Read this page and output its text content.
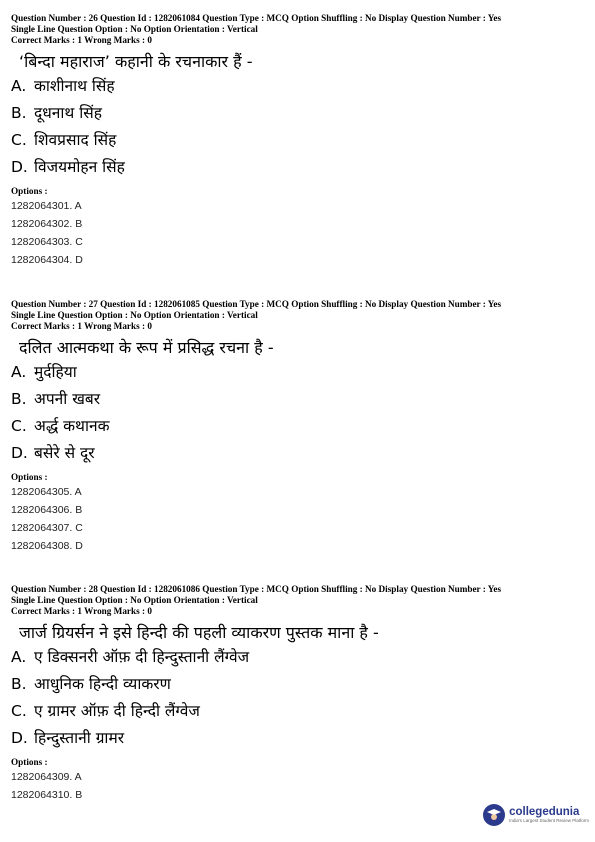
Question Number : 26 Question Id : 1282061084 Question Type : MCQ Option Shuffling : No Display Question Number : Yes
Single Line Question Option : No Option Orientation : Vertical
Correct Marks : 1 Wrong Marks : 0
‘बिन्दा महाराज’ कहानी के रचनाकार हैं -
A. काशीनाथ सिंह
B. दूधनाथ सिंह
C. शिवप्रसाद सिंह
D. विजयमोहन सिंह
Options :
1282064301. A
1282064302. B
1282064303. C
1282064304. D
Question Number : 27 Question Id : 1282061085 Question Type : MCQ Option Shuffling : No Display Question Number : Yes
Single Line Question Option : No Option Orientation : Vertical
Correct Marks : 1 Wrong Marks : 0
दलित आत्मकथा के रूप में प्रसिद्ध रचना है -
A. मुर्दहिया
B. अपनी खबर
C. अर्द्ध कथानक
D. बसेरे से दूर
Options :
1282064305. A
1282064306. B
1282064307. C
1282064308. D
Question Number : 28 Question Id : 1282061086 Question Type : MCQ Option Shuffling : No Display Question Number : Yes
Single Line Question Option : No Option Orientation : Vertical
Correct Marks : 1 Wrong Marks : 0
जार्ज ग्रियर्सन ने इसे हिन्दी की पहली व्याकरण पुस्तक माना है -
A. ए डिक्सनरी ऑफ़ दी हिन्दुस्तानी लैंग्वेज
B. आधुनिक हिन्दी व्याकरण
C. ए ग्रामर ऑफ़ दी हिन्दी लैंग्वेज
D. हिन्दुस्तानी ग्रामर
Options :
1282064309. A
1282064310. B
collegedunia
India's Largest Student Review Platform
